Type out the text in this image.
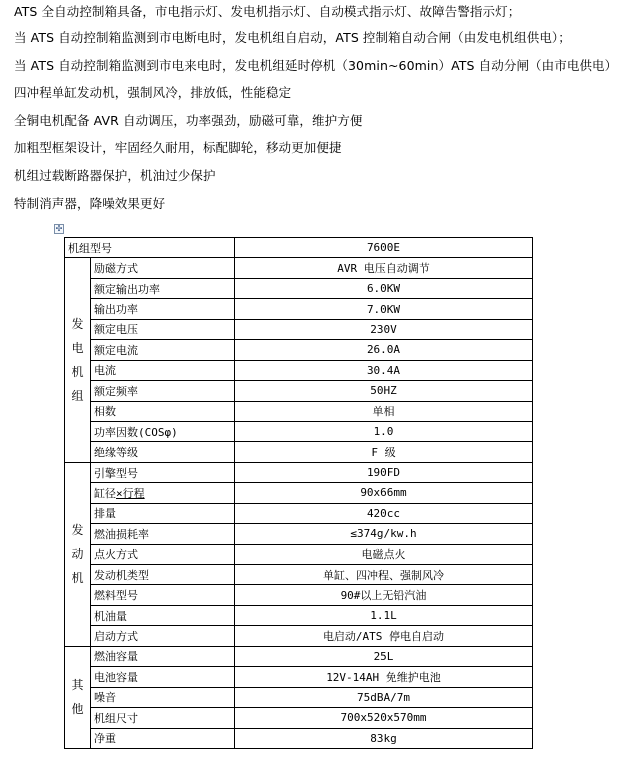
ATS 全自动控制箱具备，市电指示灯、发电机指示灯、自动模式指示灯、故障告警指示灯；
当 ATS 自动控制箱监测到市电断电时，发电机组自启动，ATS 控制箱自动合闸（由发电机组供电）；
当 ATS 自动控制箱监测到市电来电时，发电机组延时停机（30min~60min）ATS 自动分闸（由市电供电）
四冲程单缸发动机，强制风冷，排放低，性能稳定
全铜电机配备 AVR 自动调压，功率强劲，励磁可靠，维护方便
加粗型框架设计，牢固经久耐用，标配脚轮，移动更加便捷
机组过载断路器保护，机油过少保护
特制消声器，降噪效果更好
✣
机组型号		7600E

发
电
机
组	励磁方式	AVR 电压自动调节
	额定输出功率	6.0KW
	输出功率	7.0KW
	额定电压	230V
	额定电流	26.0A
	电流	30.4A
	额定频率	50HZ
	相数	单相
	功率因数(COSφ)	1.0
	绝缘等级	F 级

发
动
机	引擎型号	190FD
	缸径×行程	90x66mm
	排量	420cc
	燃油损耗率	≤374g/kw.h
	点火方式	电磁点火
	发动机类型	单缸、四冲程、强制风冷
	燃料型号	90#以上无铅汽油
	机油量	1.1L
	启动方式	电启动/ATS 停电自启动

其
他	燃油容量	25L
	电池容量	12V-14AH 免维护电池
	噪音	75dBA/7m
	机组尺寸	700x520x570mm
	净重	83kg
